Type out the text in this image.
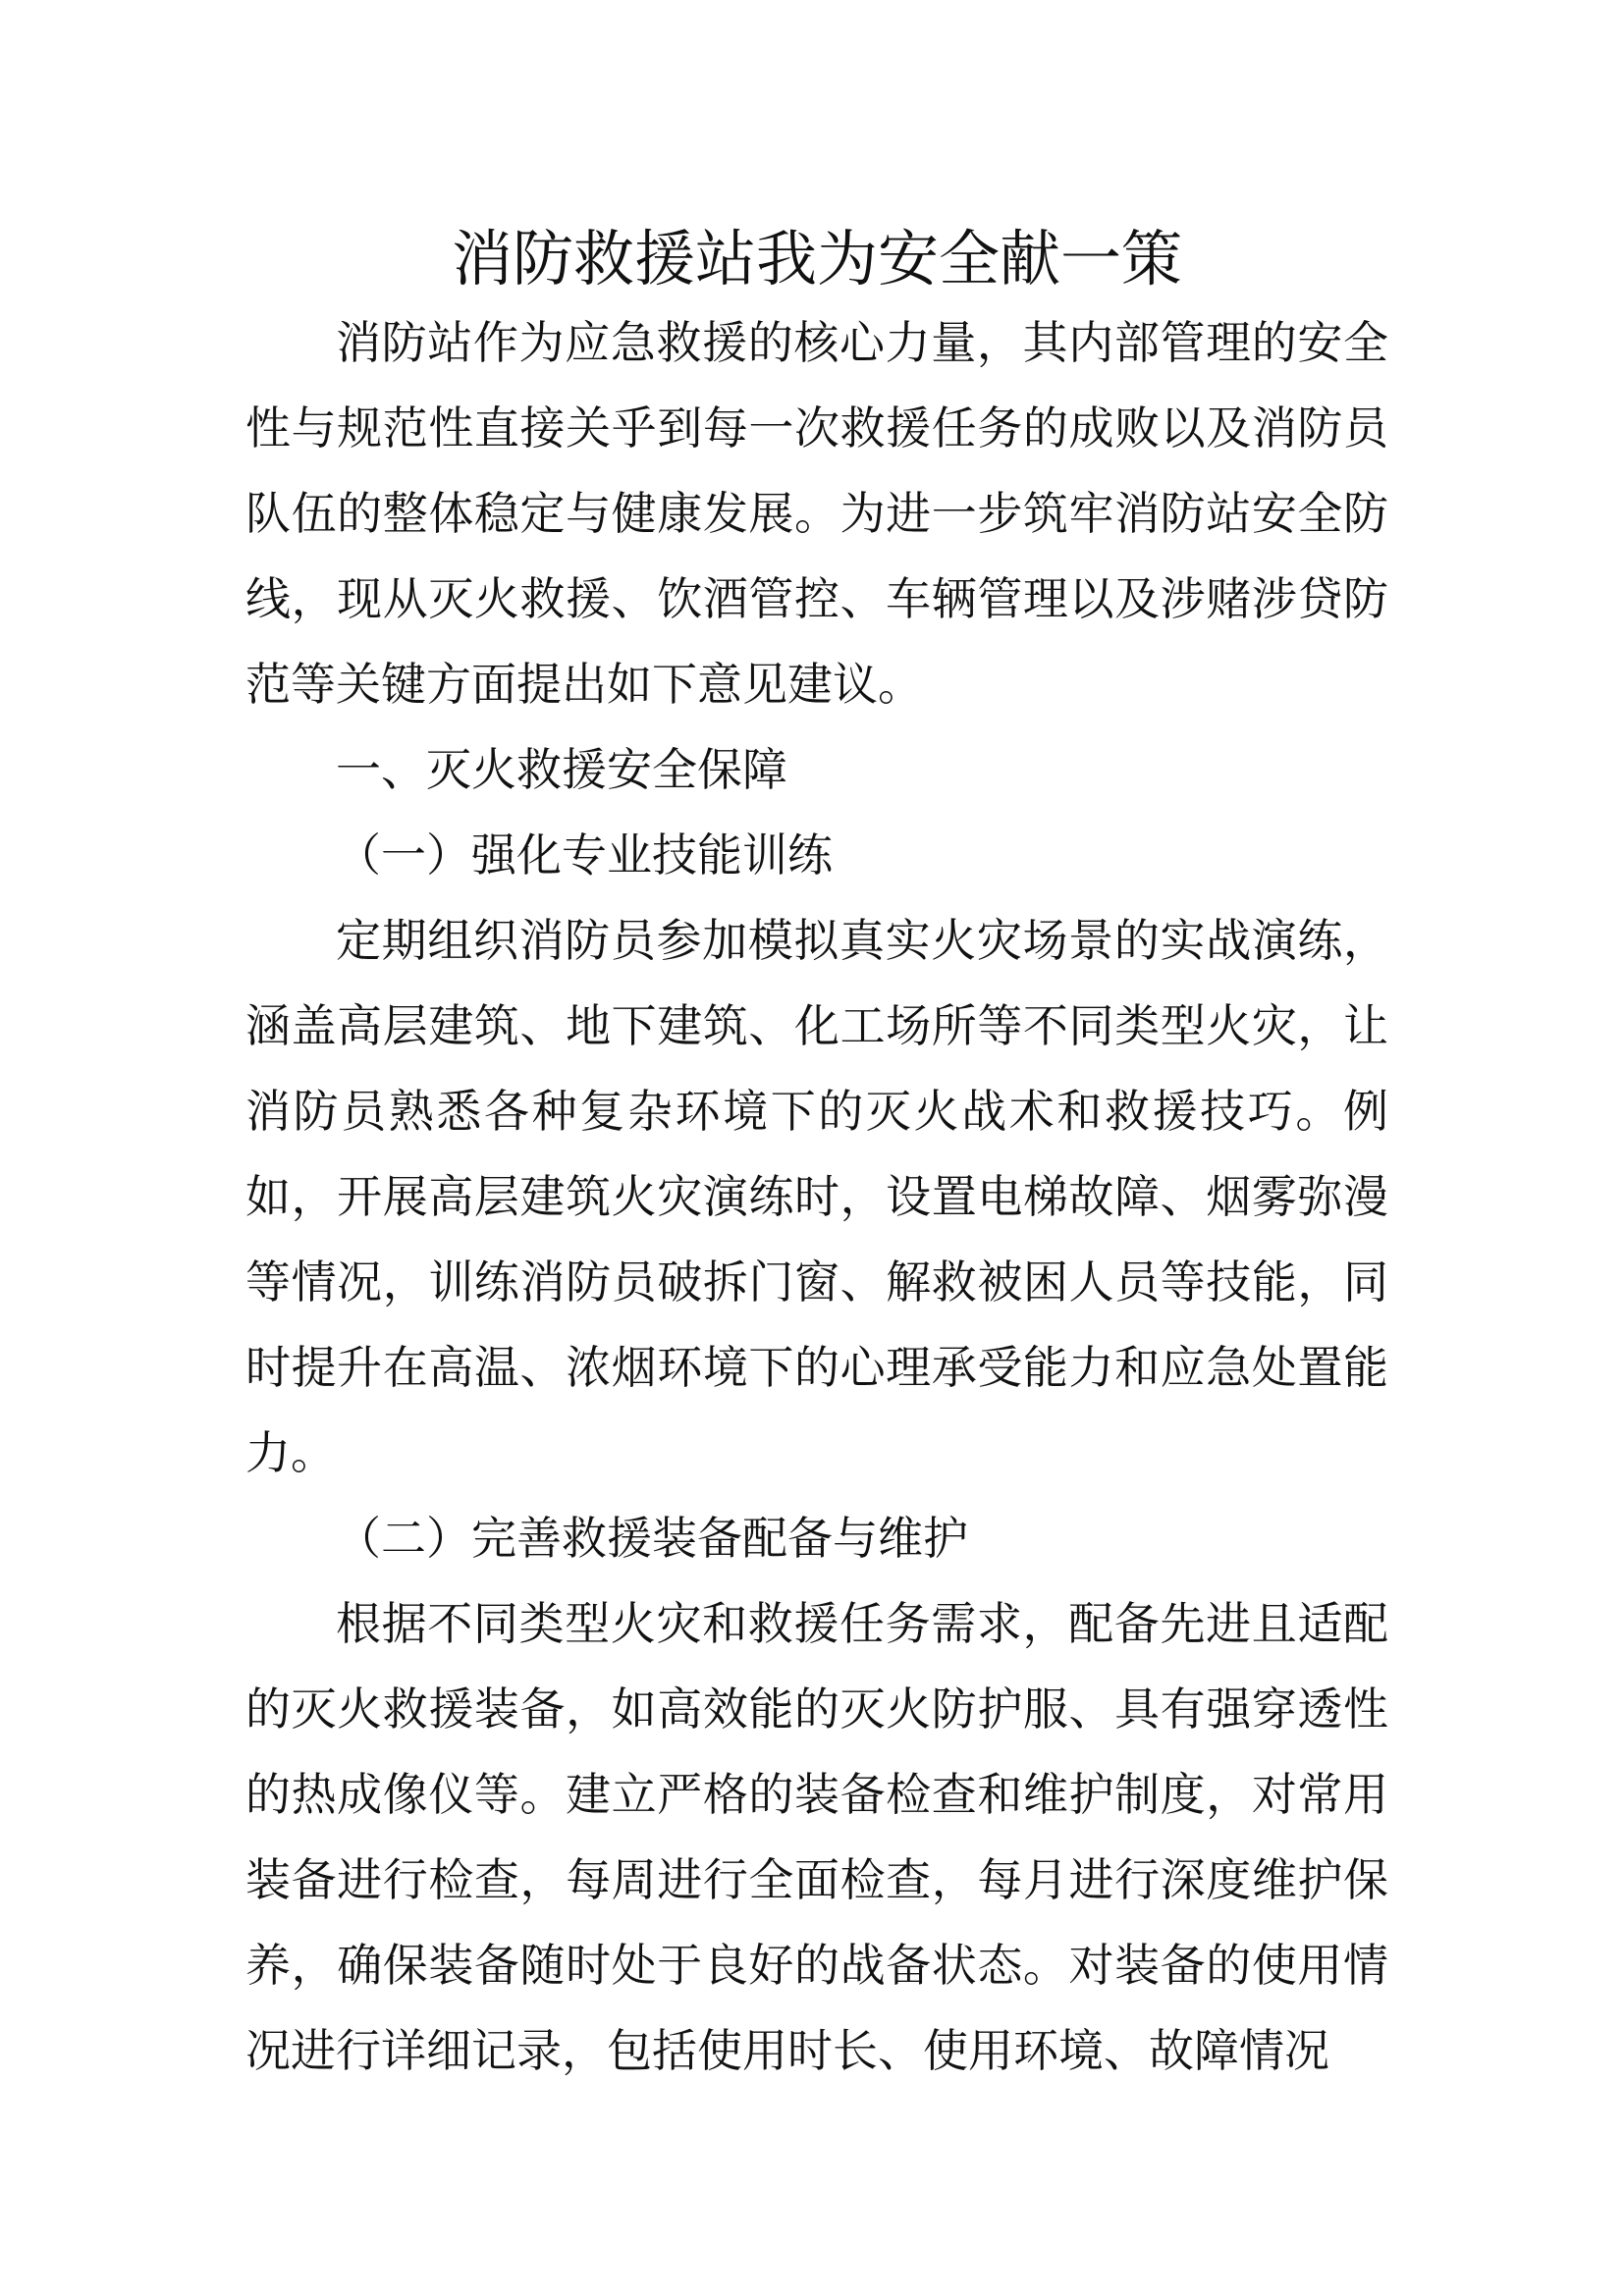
消防救援站我为安全献一策

消防站作为应急救援的核心力量，其内部管理的安全性与规范性直接关乎到每一次救援任务的成败以及消防员队伍的整体稳定与健康发展。为进一步筑牢消防站安全防线，现从灭火救援、饮酒管控、车辆管理以及涉赌涉贷防范等关键方面提出如下意见建议。

一、灭火救援安全保障

（一）强化专业技能训练

定期组织消防员参加模拟真实火灾场景的实战演练，涵盖高层建筑、地下建筑、化工场所等不同类型火灾，让消防员熟悉各种复杂环境下的灭火战术和救援技巧。例如，开展高层建筑火灾演练时，设置电梯故障、烟雾弥漫等情况，训练消防员破拆门窗、解救被困人员等技能，同时提升在高温、浓烟环境下的心理承受能力和应急处置能力。

（二）完善救援装备配备与维护

根据不同类型火灾和救援任务需求，配备先进且适配的灭火救援装备，如高效能的灭火防护服、具有强穿透性的热成像仪等。建立严格的装备检查和维护制度，对常用装备进行检查，每周进行全面检查，每月进行深度维护保养，确保装备随时处于良好的战备状态。对装备的使用情况进行详细记录，包括使用时长、使用环境、故障情况
